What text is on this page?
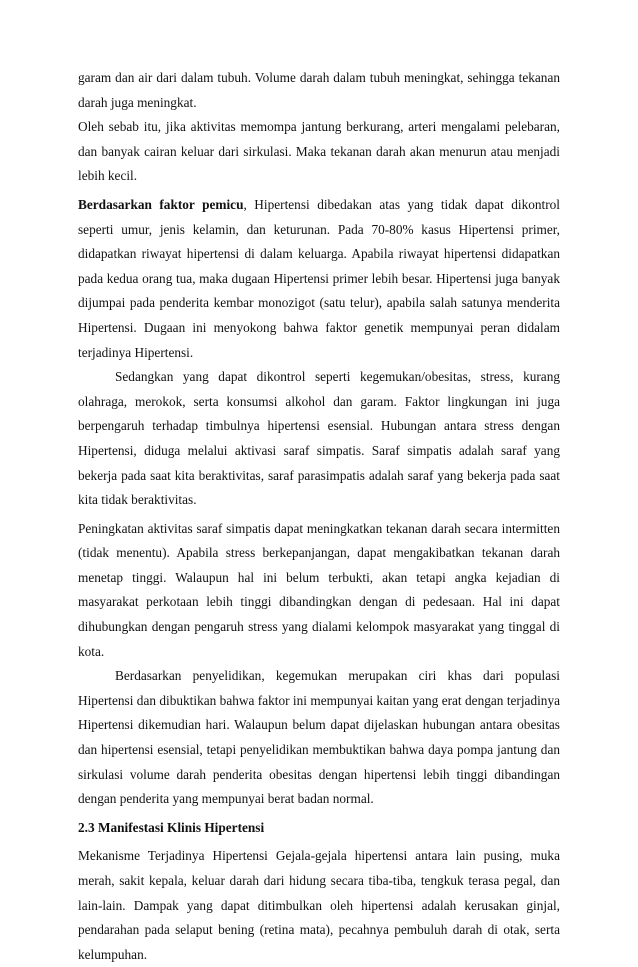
garam dan air dari dalam tubuh. Volume darah dalam tubuh meningkat, sehingga tekanan darah juga meningkat.

Oleh sebab itu, jika aktivitas memompa jantung berkurang, arteri mengalami pelebaran, dan banyak cairan keluar dari sirkulasi. Maka tekanan darah akan menurun atau menjadi lebih kecil.

Berdasarkan faktor pemicu, Hipertensi dibedakan atas yang tidak dapat dikontrol seperti umur, jenis kelamin, dan keturunan. Pada 70-80% kasus Hipertensi primer, didapatkan riwayat hipertensi di dalam keluarga. Apabila riwayat hipertensi didapatkan pada kedua orang tua, maka dugaan Hipertensi primer lebih besar. Hipertensi juga banyak dijumpai pada penderita kembar monozigot (satu telur), apabila salah satunya menderita Hipertensi. Dugaan ini menyokong bahwa faktor genetik mempunyai peran didalam terjadinya Hipertensi.

Sedangkan yang dapat dikontrol seperti kegemukan/obesitas, stress, kurang olahraga, merokok, serta konsumsi alkohol dan garam. Faktor lingkungan ini juga berpengaruh terhadap timbulnya hipertensi esensial. Hubungan antara stress dengan Hipertensi, diduga melalui aktivasi saraf simpatis. Saraf simpatis adalah saraf yang bekerja pada saat kita beraktivitas, saraf parasimpatis adalah saraf yang bekerja pada saat kita tidak beraktivitas.

Peningkatan aktivitas saraf simpatis dapat meningkatkan tekanan darah secara intermitten (tidak menentu). Apabila stress berkepanjangan, dapat mengakibatkan tekanan darah menetap tinggi. Walaupun hal ini belum terbukti, akan tetapi angka kejadian di masyarakat perkotaan lebih tinggi dibandingkan dengan di pedesaan. Hal ini dapat dihubungkan dengan pengaruh stress yang dialami kelompok masyarakat yang tinggal di kota.

Berdasarkan penyelidikan, kegemukan merupakan ciri khas dari populasi Hipertensi dan dibuktikan bahwa faktor ini mempunyai kaitan yang erat dengan terjadinya Hipertensi dikemudian hari. Walaupun belum dapat dijelaskan hubungan antara obesitas dan hipertensi esensial, tetapi penyelidikan membuktikan bahwa daya pompa jantung dan sirkulasi volume darah penderita obesitas dengan hipertensi lebih tinggi dibandingan dengan penderita yang mempunyai berat badan normal.

2.3 Manifestasi Klinis Hipertensi

Mekanisme Terjadinya Hipertensi Gejala-gejala hipertensi antara lain pusing, muka merah, sakit kepala, keluar darah dari hidung secara tiba-tiba, tengkuk terasa pegal, dan lain-lain. Dampak yang dapat ditimbulkan oleh hipertensi adalah kerusakan ginjal, pendarahan pada selaput bening (retina mata), pecahnya pembuluh darah di otak, serta kelumpuhan.
